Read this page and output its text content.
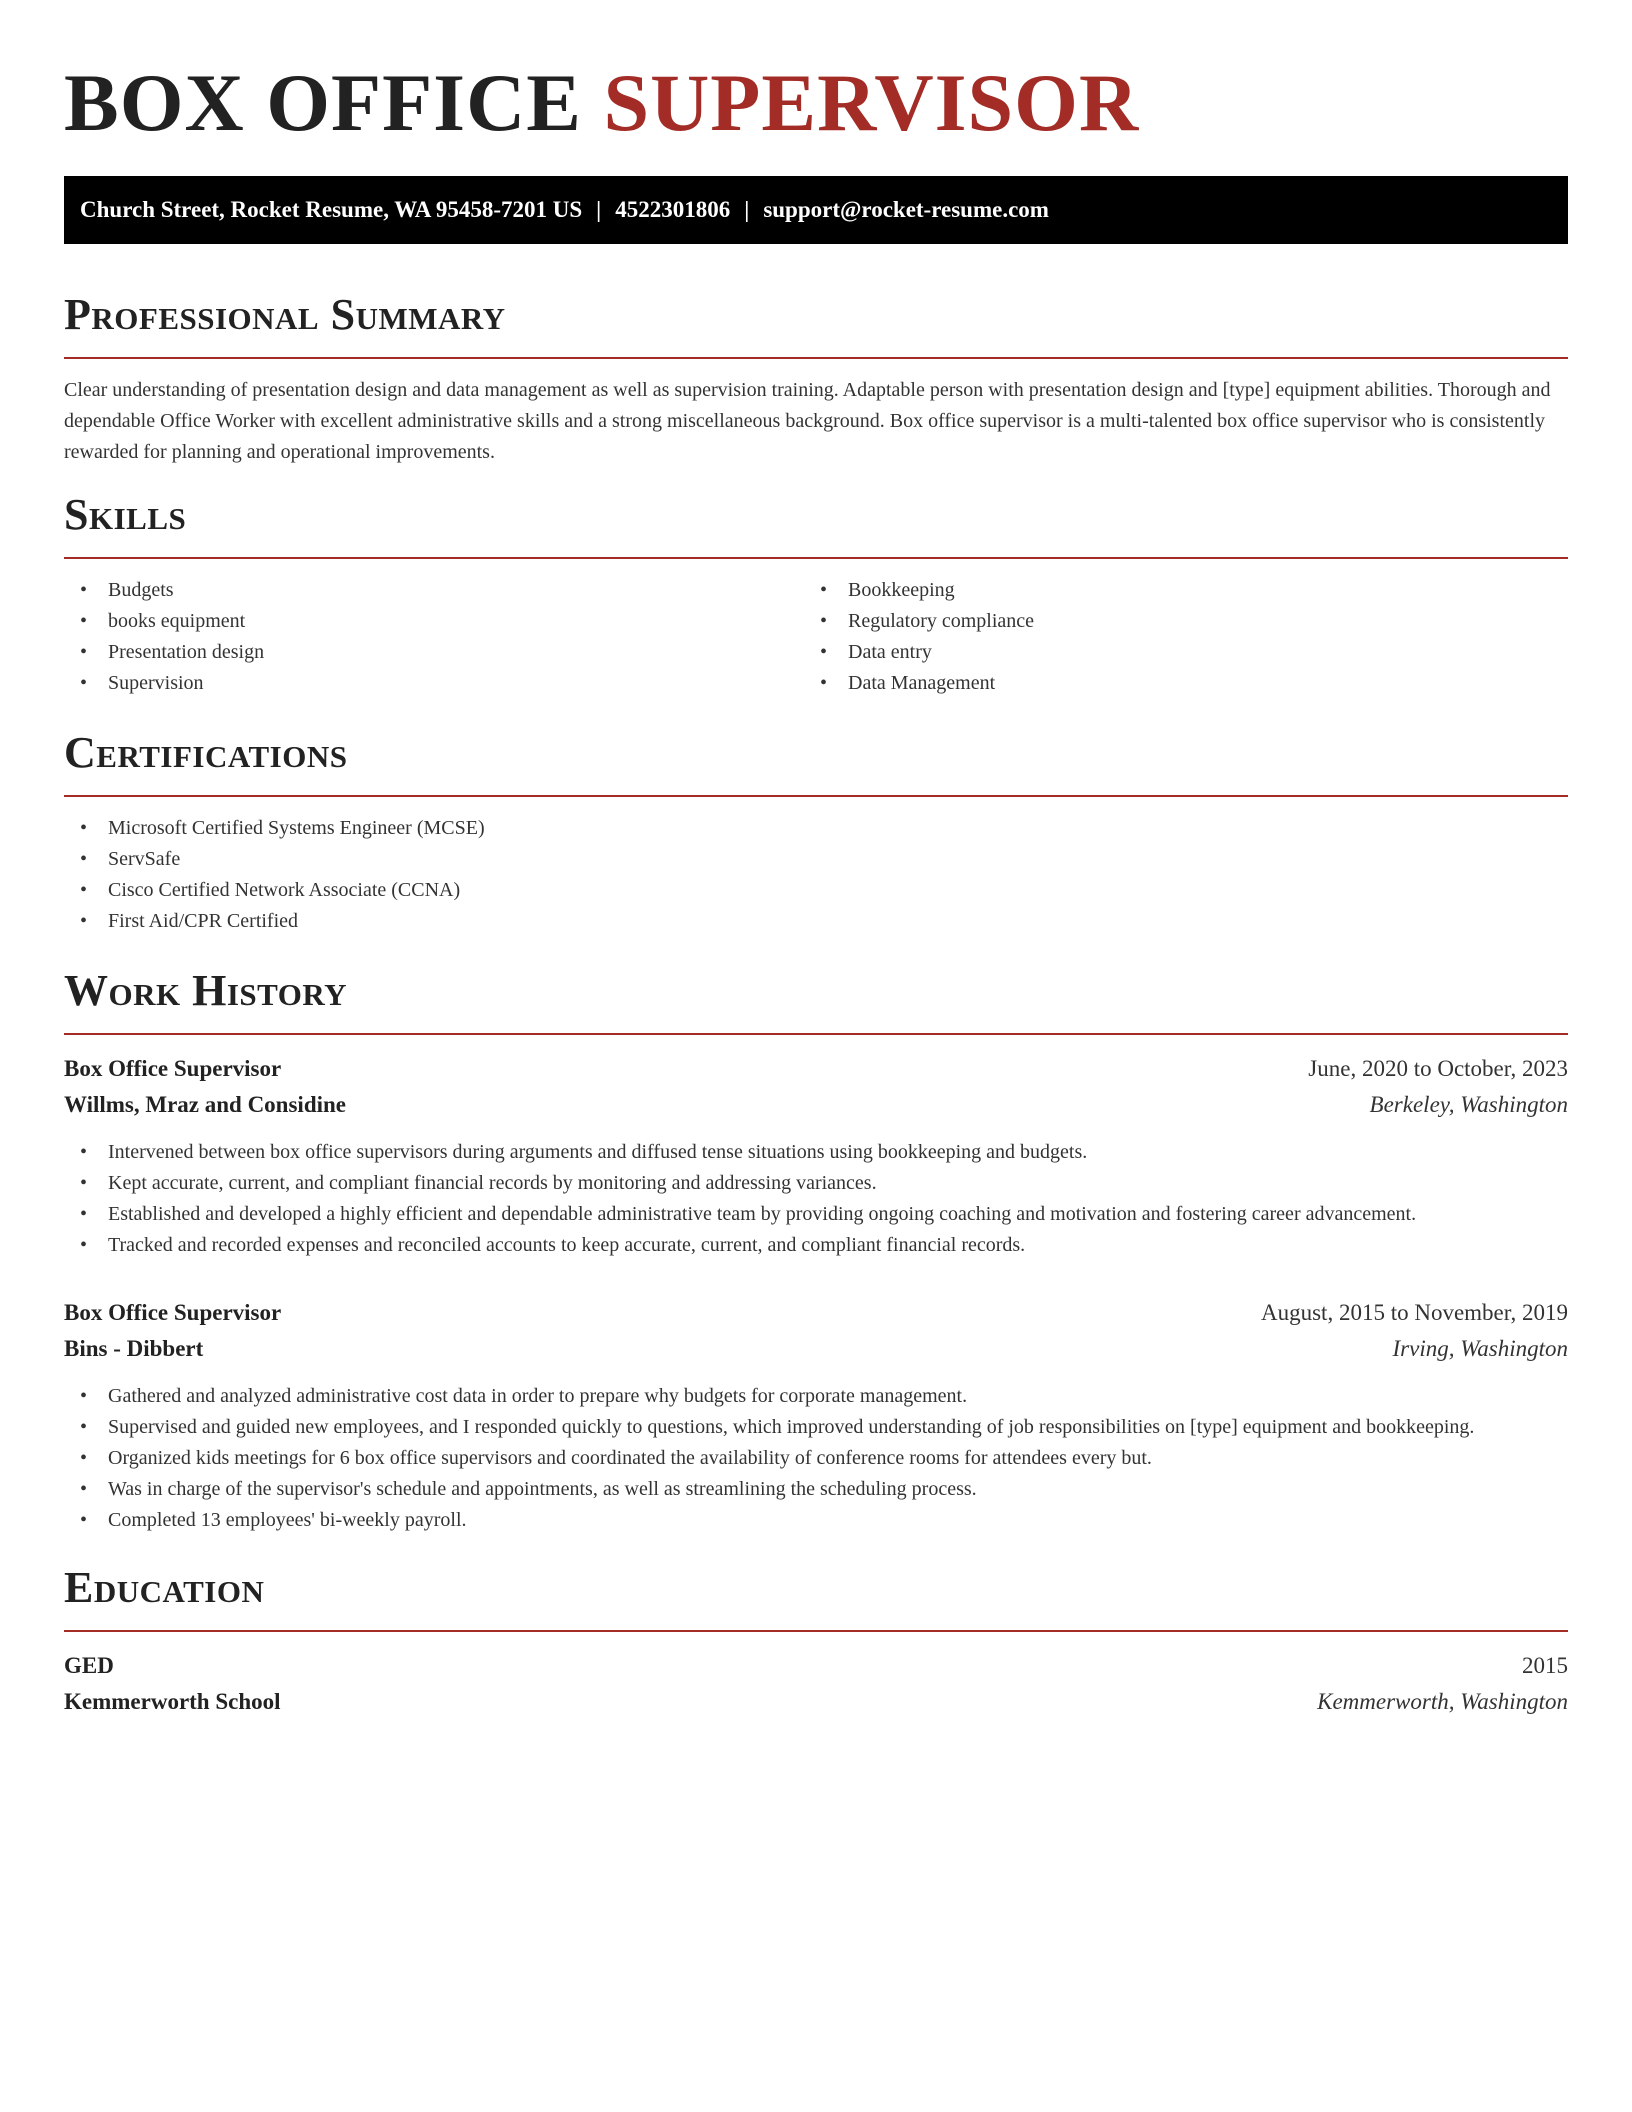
BOX OFFICE SUPERVISOR
Church Street, Rocket Resume, WA 95458-7201 US | 4522301806 | support@rocket-resume.com
Professional Summary

Clear understanding of presentation design and data management as well as supervision training. Adaptable person with presentation design and [type] equipment abilities. Thorough and dependable Office Worker with excellent administrative skills and a strong miscellaneous background. Box office supervisor is a multi-talented box office supervisor who is consistently rewarded for planning and operational improvements.

Skills
• Budgets
• books equipment
• Presentation design
• Supervision
• Bookkeeping
• Regulatory compliance
• Data entry
• Data Management
Certifications
• Microsoft Certified Systems Engineer (MCSE)
• ServSafe
• Cisco Certified Network Associate (CCNA)
• First Aid/CPR Certified
Work History
Box Office Supervisor	June, 2020 to October, 2023
Willms, Mraz and Considine	Berkeley, Washington
• Intervened between box office supervisors during arguments and diffused tense situations using bookkeeping and budgets.
• Kept accurate, current, and compliant financial records by monitoring and addressing variances.
• Established and developed a highly efficient and dependable administrative team by providing ongoing coaching and motivation and fostering career advancement.
• Tracked and recorded expenses and reconciled accounts to keep accurate, current, and compliant financial records.
Box Office Supervisor	August, 2015 to November, 2019
Bins - Dibbert	Irving, Washington
• Gathered and analyzed administrative cost data in order to prepare why budgets for corporate management.
• Supervised and guided new employees, and I responded quickly to questions, which improved understanding of job responsibilities on [type] equipment and bookkeeping.
• Organized kids meetings for 6 box office supervisors and coordinated the availability of conference rooms for attendees every but.
• Was in charge of the supervisor's schedule and appointments, as well as streamlining the scheduling process.
• Completed 13 employees' bi-weekly payroll.
Education
GED	2015
Kemmerworth School	Kemmerworth, Washington
